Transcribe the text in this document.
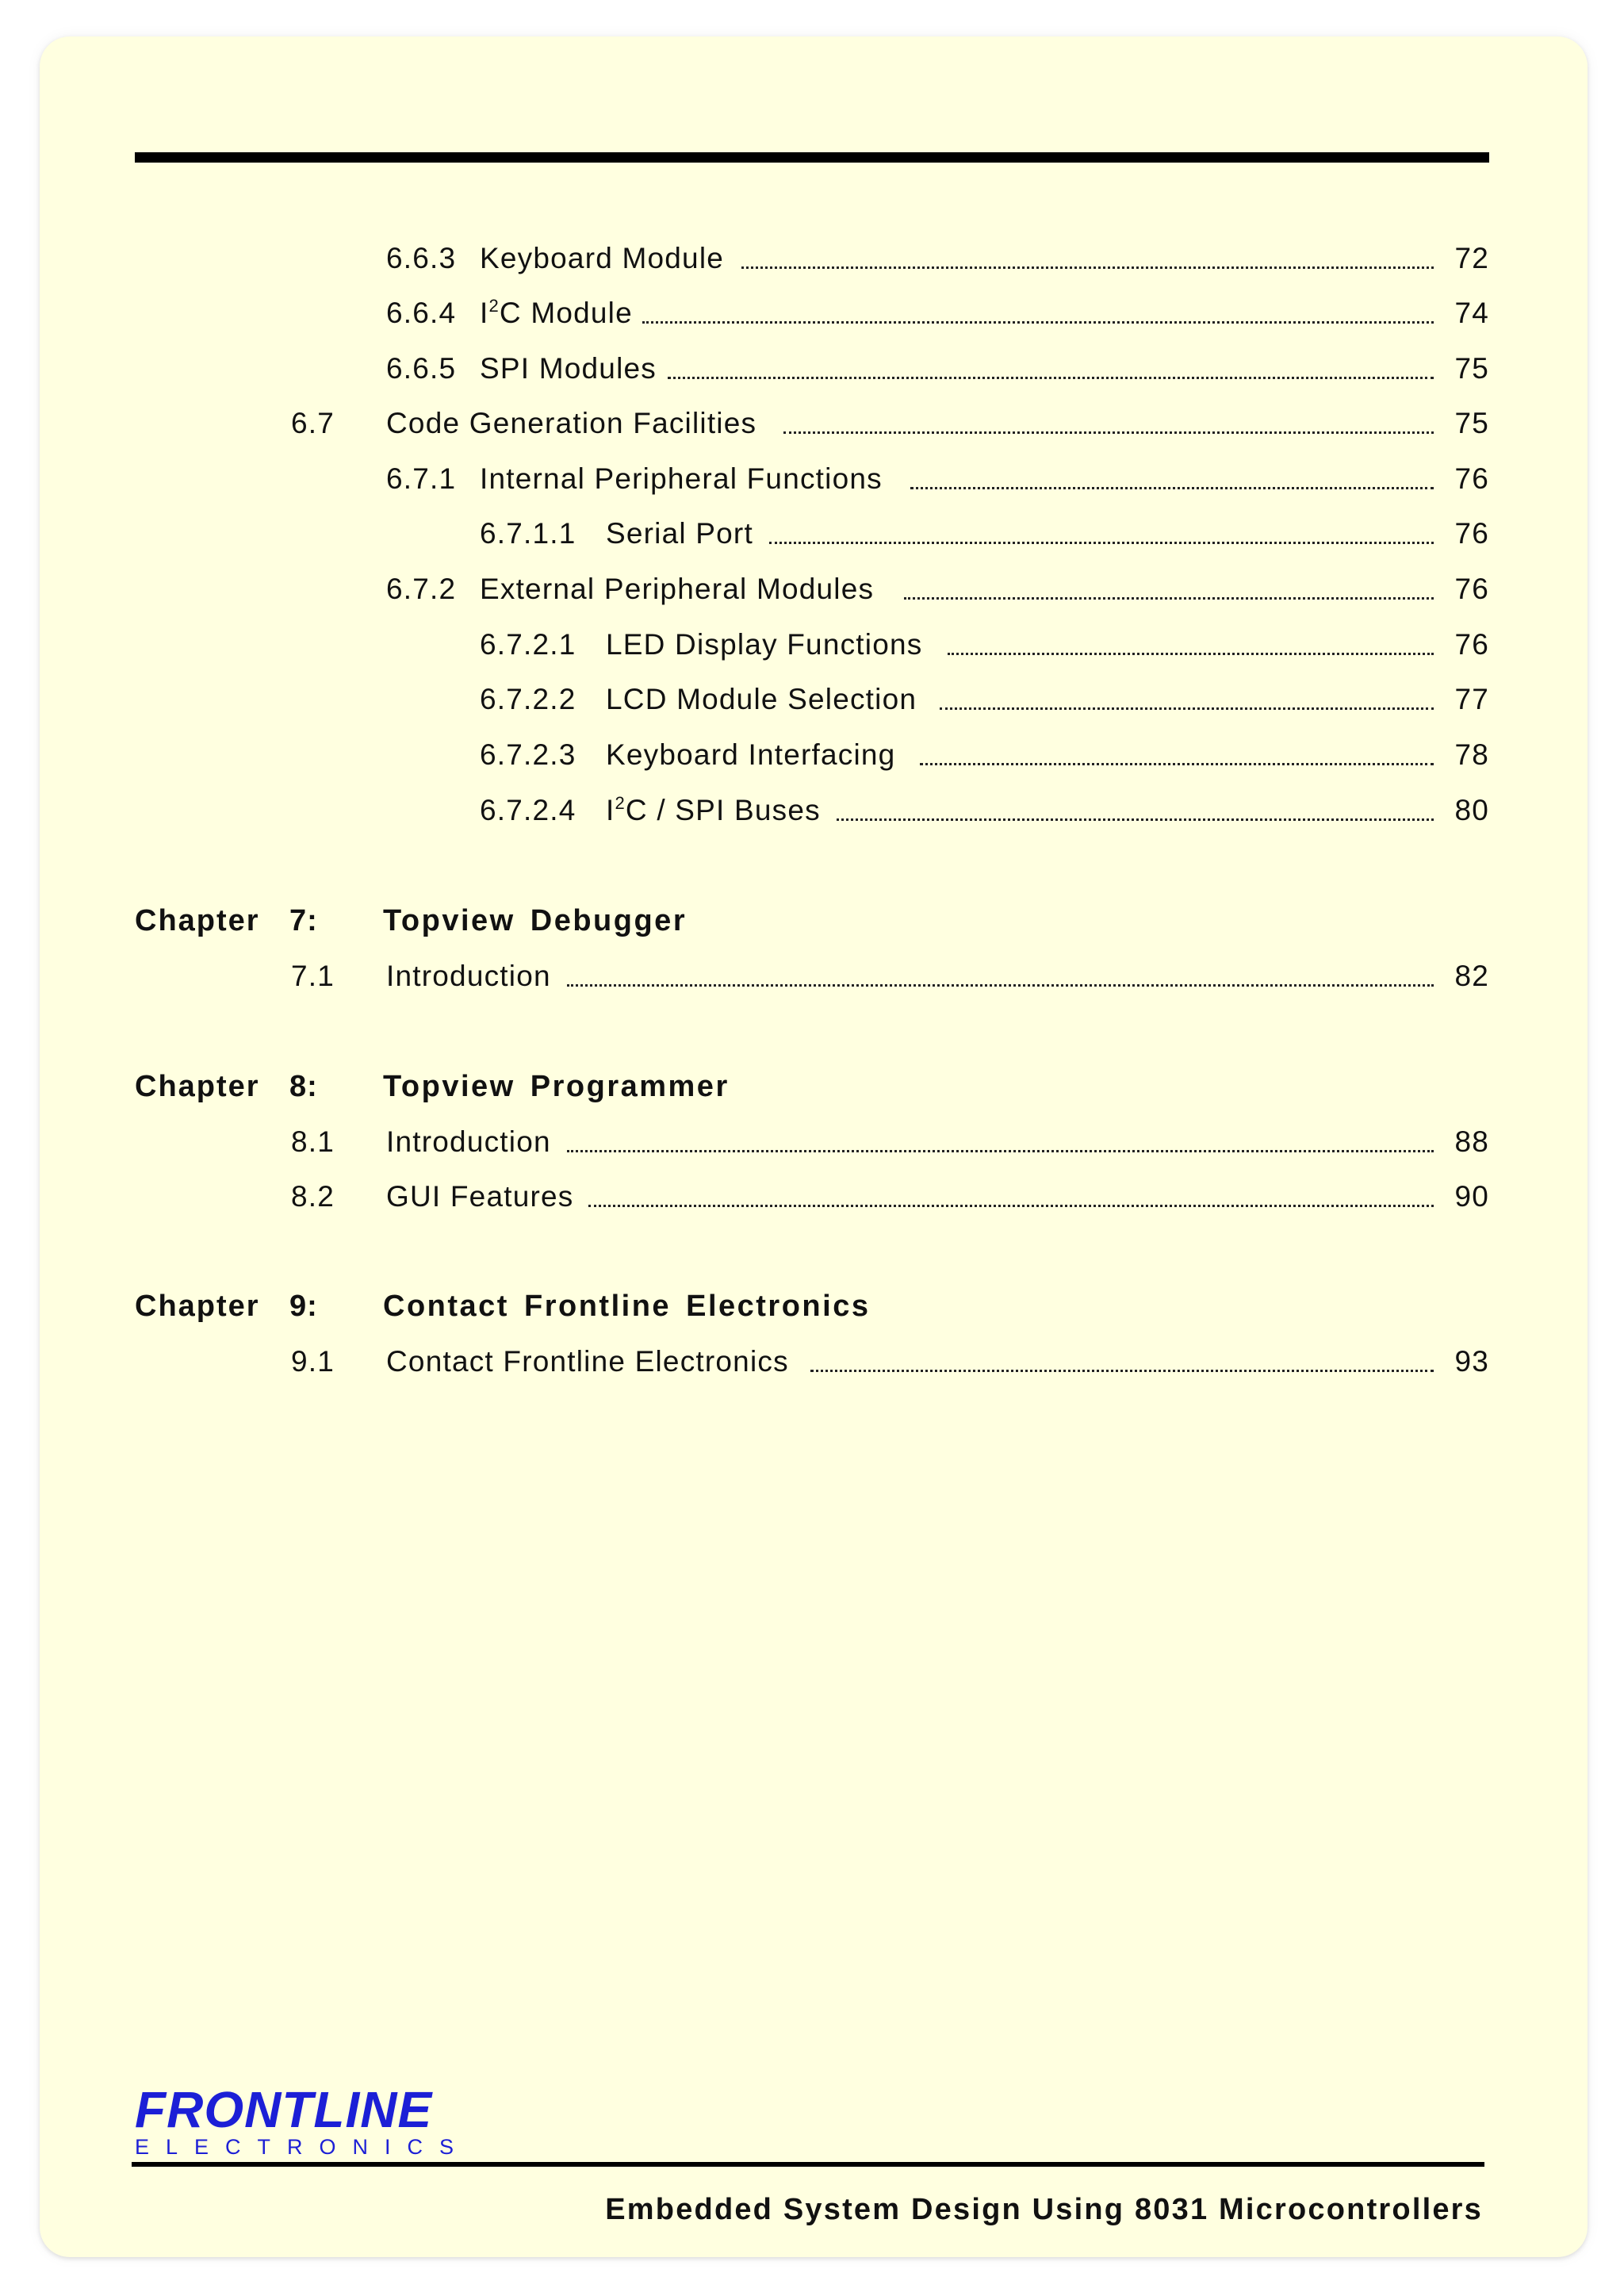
6.6.3 Keyboard Module	72
6.6.4 $I^2C$ Module	74
6.6.5 SPI Modules	75
6.7 Code Generation Facilities	75
6.7.1 Internal Peripheral Functions	76
6.7.1.1 Serial Port	76
6.7.2 External Peripheral Modules	76
6.7.2.1 LED Display Functions	76
6.7.2.2 LCD Module Selection	77
6.7.2.3 Keyboard Interfacing	78
6.7.2.4 $I^2C$ / SPI Buses	80
Chapter 7: Topview Debugger
7.1 Introduction	82
Chapter 8: Topview Programmer
8.1 Introduction	88
8.2 GUI Features	90
Chapter 9: Contact Frontline Electronics
9.1 Contact Frontline Electronics	93
FRONTLINE
ELECTRONICS
Embedded System Design Using 8031 Microcontrollers
